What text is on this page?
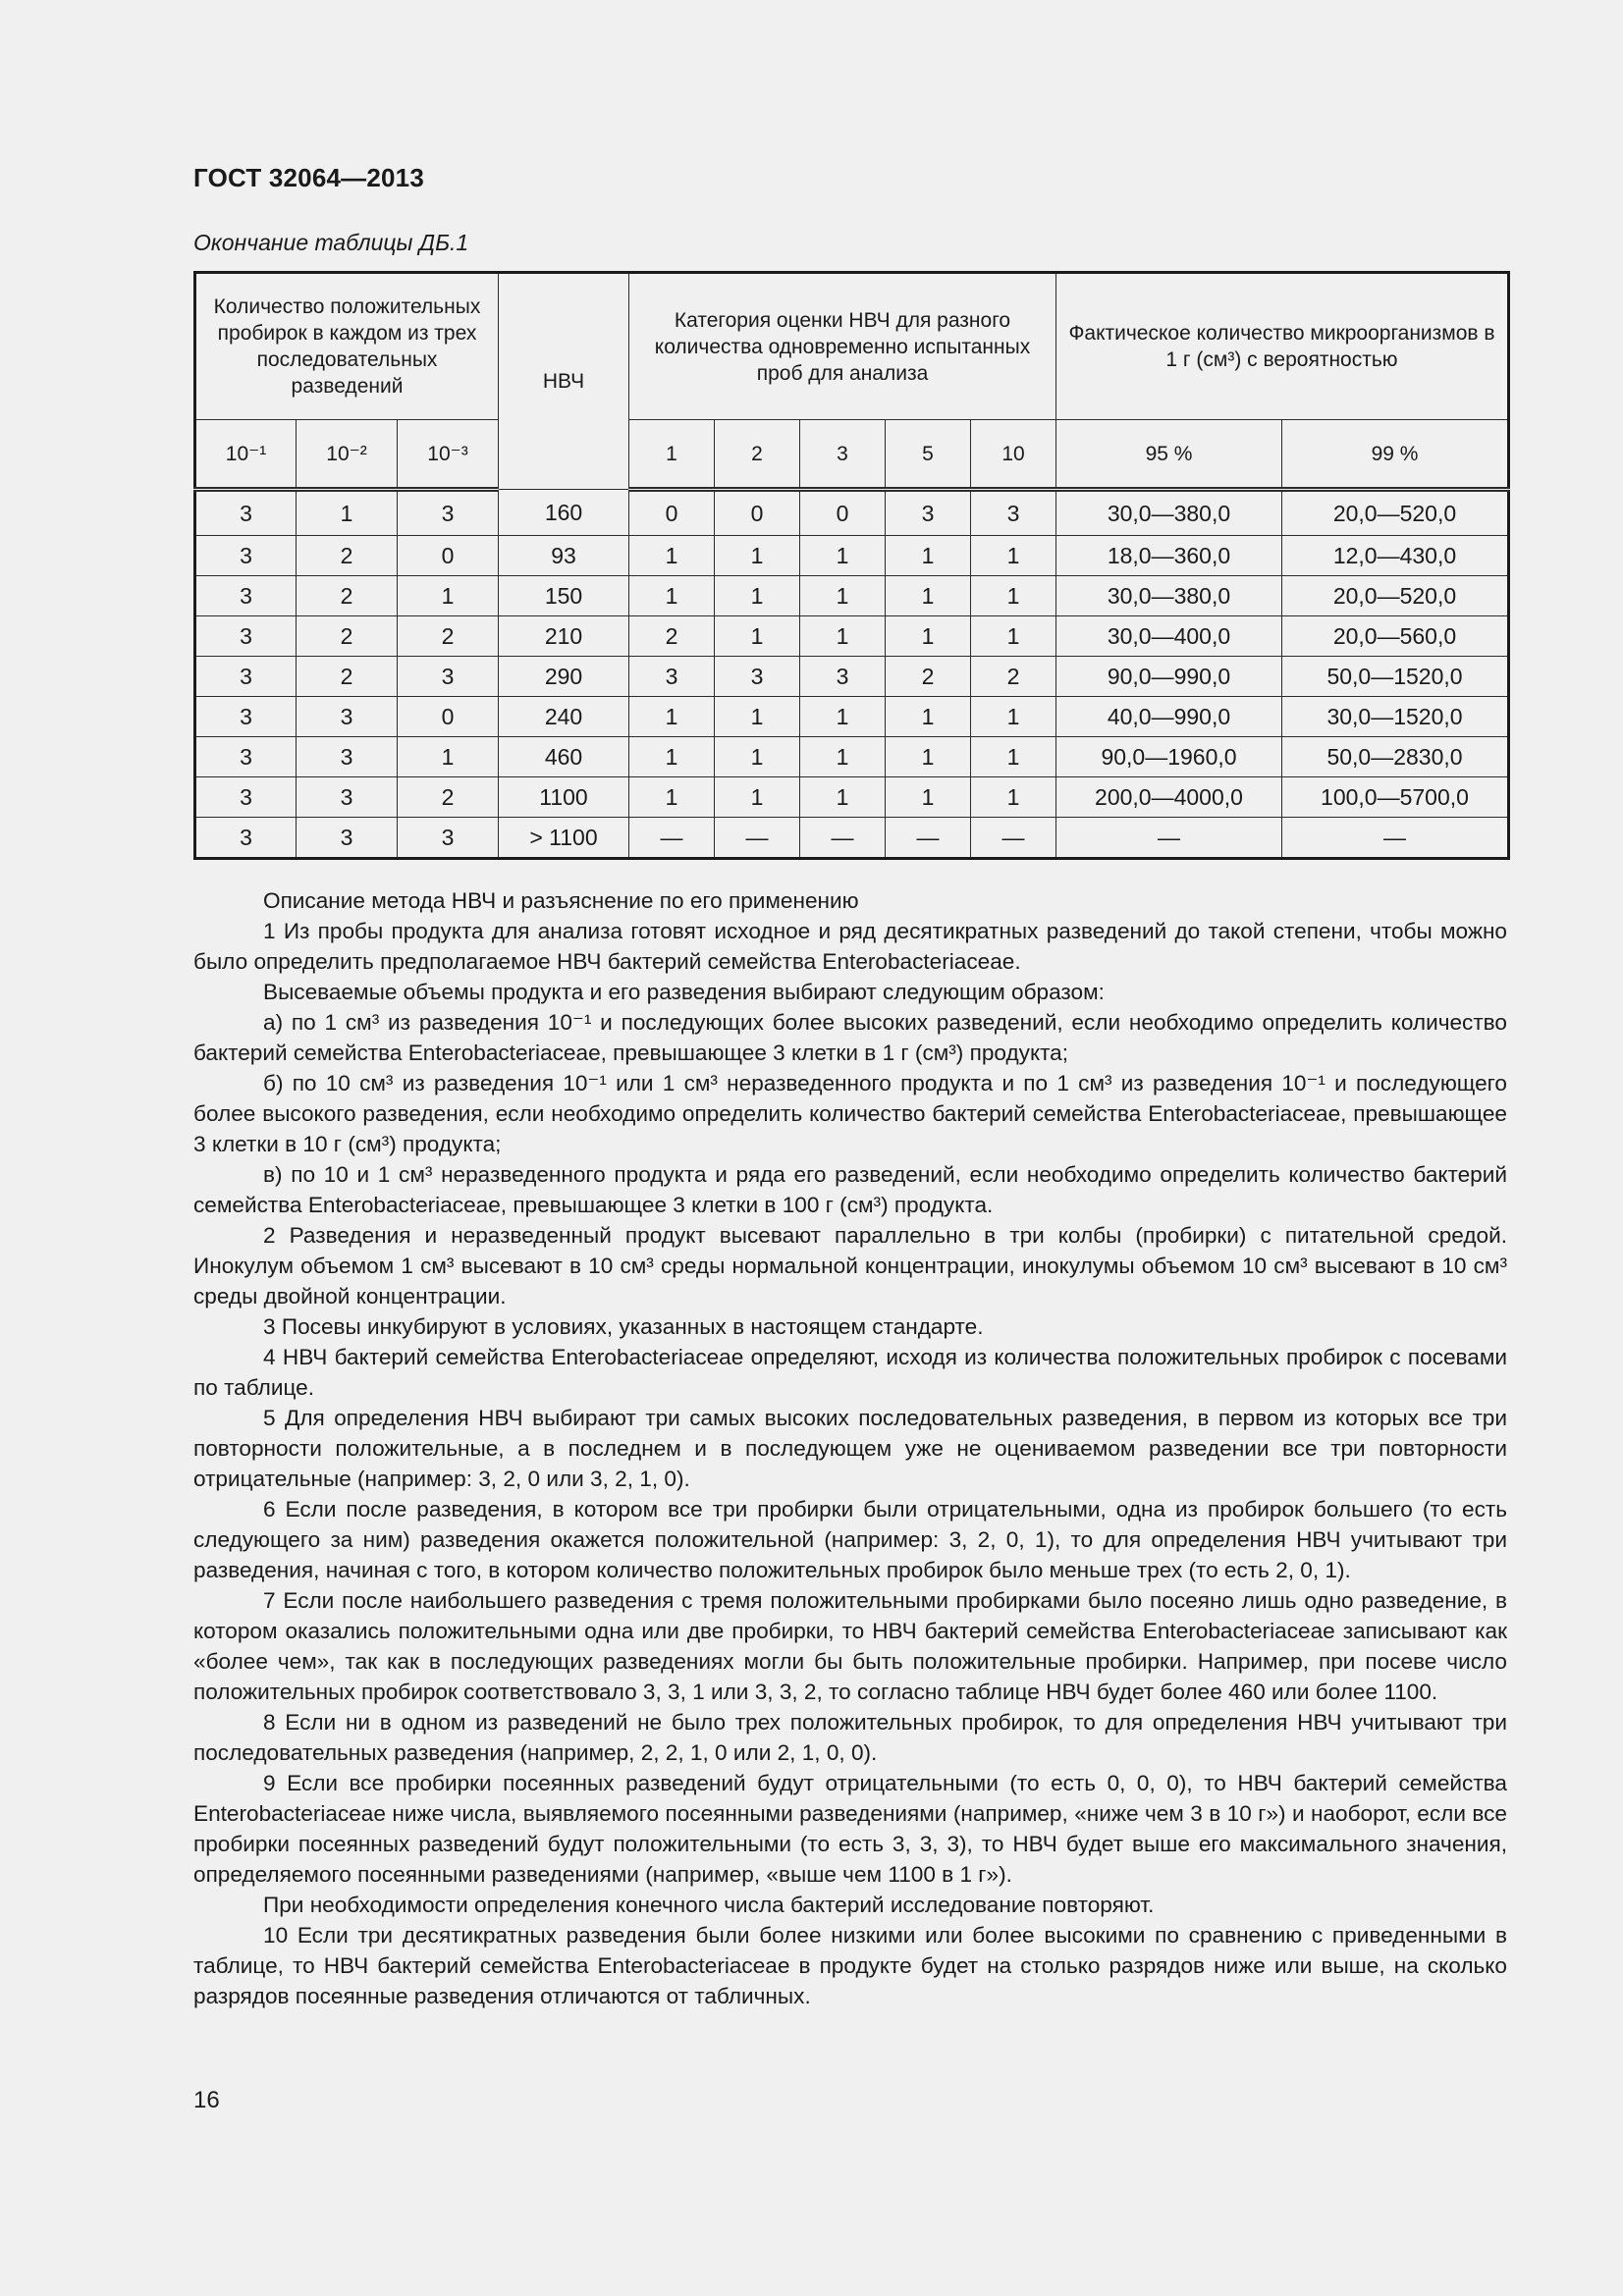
ГОСТ 32064—2013
Окончание таблицы ДБ.1
Количество положительных пробирок в каждом из трех последовательных разведений			НВЧ	Категория оценки НВЧ для разного количества одновременно испытанных проб для анализа					Фактическое количество микроорганизмов в 1 г (см³) с вероятностью	
10⁻¹	10⁻²	10⁻³		1	2	3	5	10	95 %	99 %
3	1	3	160	0	0	0	3	3	30,0—380,0	20,0—520,0
3	2	0	93	1	1	1	1	1	18,0—360,0	12,0—430,0
3	2	1	150	1	1	1	1	1	30,0—380,0	20,0—520,0
3	2	2	210	2	1	1	1	1	30,0—400,0	20,0—560,0
3	2	3	290	3	3	3	2	2	90,0—990,0	50,0—1520,0
3	3	0	240	1	1	1	1	1	40,0—990,0	30,0—1520,0
3	3	1	460	1	1	1	1	1	90,0—1960,0	50,0—2830,0
3	3	2	1100	1	1	1	1	1	200,0—4000,0	100,0—5700,0
3	3	3	> 1100	—	—	—	—	—	—	—

Описание метода НВЧ и разъяснение по его применению

1 Из пробы продукта для анализа готовят исходное и ряд десятикратных разведений до такой степени, чтобы можно было определить предполагаемое НВЧ бактерий семейства Enterobacteriaceae.

Высеваемые объемы продукта и его разведения выбирают следующим образом:

а) по 1 см³ из разведения 10⁻¹ и последующих более высоких разведений, если необходимо определить количество бактерий семейства Enterobacteriaceae, превышающее 3 клетки в 1 г (см³) продукта;

б) по 10 см³ из разведения 10⁻¹ или 1 см³ неразведенного продукта и по 1 см³ из разведения 10⁻¹ и последующего более высокого разведения, если необходимо определить количество бактерий семейства Enterobacteriaceae, превышающее 3 клетки в 10 г (см³) продукта;

в) по 10 и 1 см³ неразведенного продукта и ряда его разведений, если необходимо определить количество бактерий семейства Enterobacteriaceae, превышающее 3 клетки в 100 г (см³) продукта.

2 Разведения и неразведенный продукт высевают параллельно в три колбы (пробирки) с питательной средой. Инокулум объемом 1 см³ высевают в 10 см³ среды нормальной концентрации, инокулумы объемом 10 см³ высевают в 10 см³ среды двойной концентрации.

3 Посевы инкубируют в условиях, указанных в настоящем стандарте.

4 НВЧ бактерий семейства Enterobacteriaceae определяют, исходя из количества положительных пробирок с посевами по таблице.

5 Для определения НВЧ выбирают три самых высоких последовательных разведения, в первом из которых все три повторности положительные, а в последнем и в последующем уже не оцениваемом разведении все три повторности отрицательные (например: 3, 2, 0 или 3, 2, 1, 0).

6 Если после разведения, в котором все три пробирки были отрицательными, одна из пробирок большего (то есть следующего за ним) разведения окажется положительной (например: 3, 2, 0, 1), то для определения НВЧ учитывают три разведения, начиная с того, в котором количество положительных пробирок было меньше трех (то есть 2, 0, 1).

7 Если после наибольшего разведения с тремя положительными пробирками было посеяно лишь одно разведение, в котором оказались положительными одна или две пробирки, то НВЧ бактерий семейства Enterobacteriaceae записывают как «более чем», так как в последующих разведениях могли бы быть положительные пробирки. Например, при посеве число положительных пробирок соответствовало 3, 3, 1 или 3, 3, 2, то согласно таблице НВЧ будет более 460 или более 1100.

8 Если ни в одном из разведений не было трех положительных пробирок, то для определения НВЧ учитывают три последовательных разведения (например, 2, 2, 1, 0 или 2, 1, 0, 0).

9 Если все пробирки посеянных разведений будут отрицательными (то есть 0, 0, 0), то НВЧ бактерий семейства Enterobacteriaceae ниже числа, выявляемого посеянными разведениями (например, «ниже чем 3 в 10 г») и наоборот, если все пробирки посеянных разведений будут положительными (то есть 3, 3, 3), то НВЧ будет выше его максимального значения, определяемого посеянными разведениями (например, «выше чем 1100 в 1 г»).

При необходимости определения конечного числа бактерий исследование повторяют.

10 Если три десятикратных разведения были более низкими или более высокими по сравнению с приведенными в таблице, то НВЧ бактерий семейства Enterobacteriaceae в продукте будет на столько разрядов ниже или выше, на сколько разрядов посеянные разведения отличаются от табличных.

16
